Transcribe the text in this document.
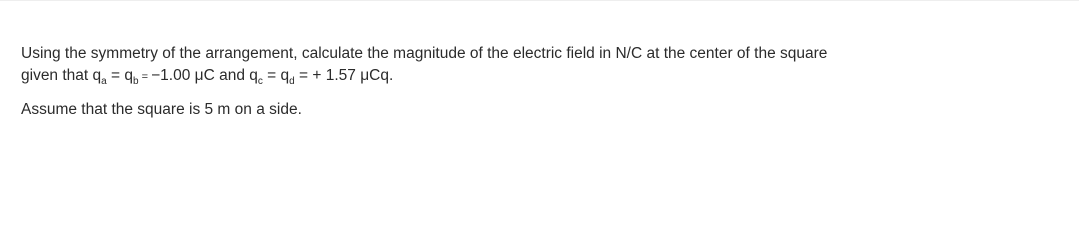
Using the symmetry of the arrangement, calculate the magnitude of the electric field in N/C at the center of the square
given that $q_a = q_b = -1.00$ μC and $q_c = q_d$ = + 1.57 μCq.
Assume that the square is 5 m on a side.
